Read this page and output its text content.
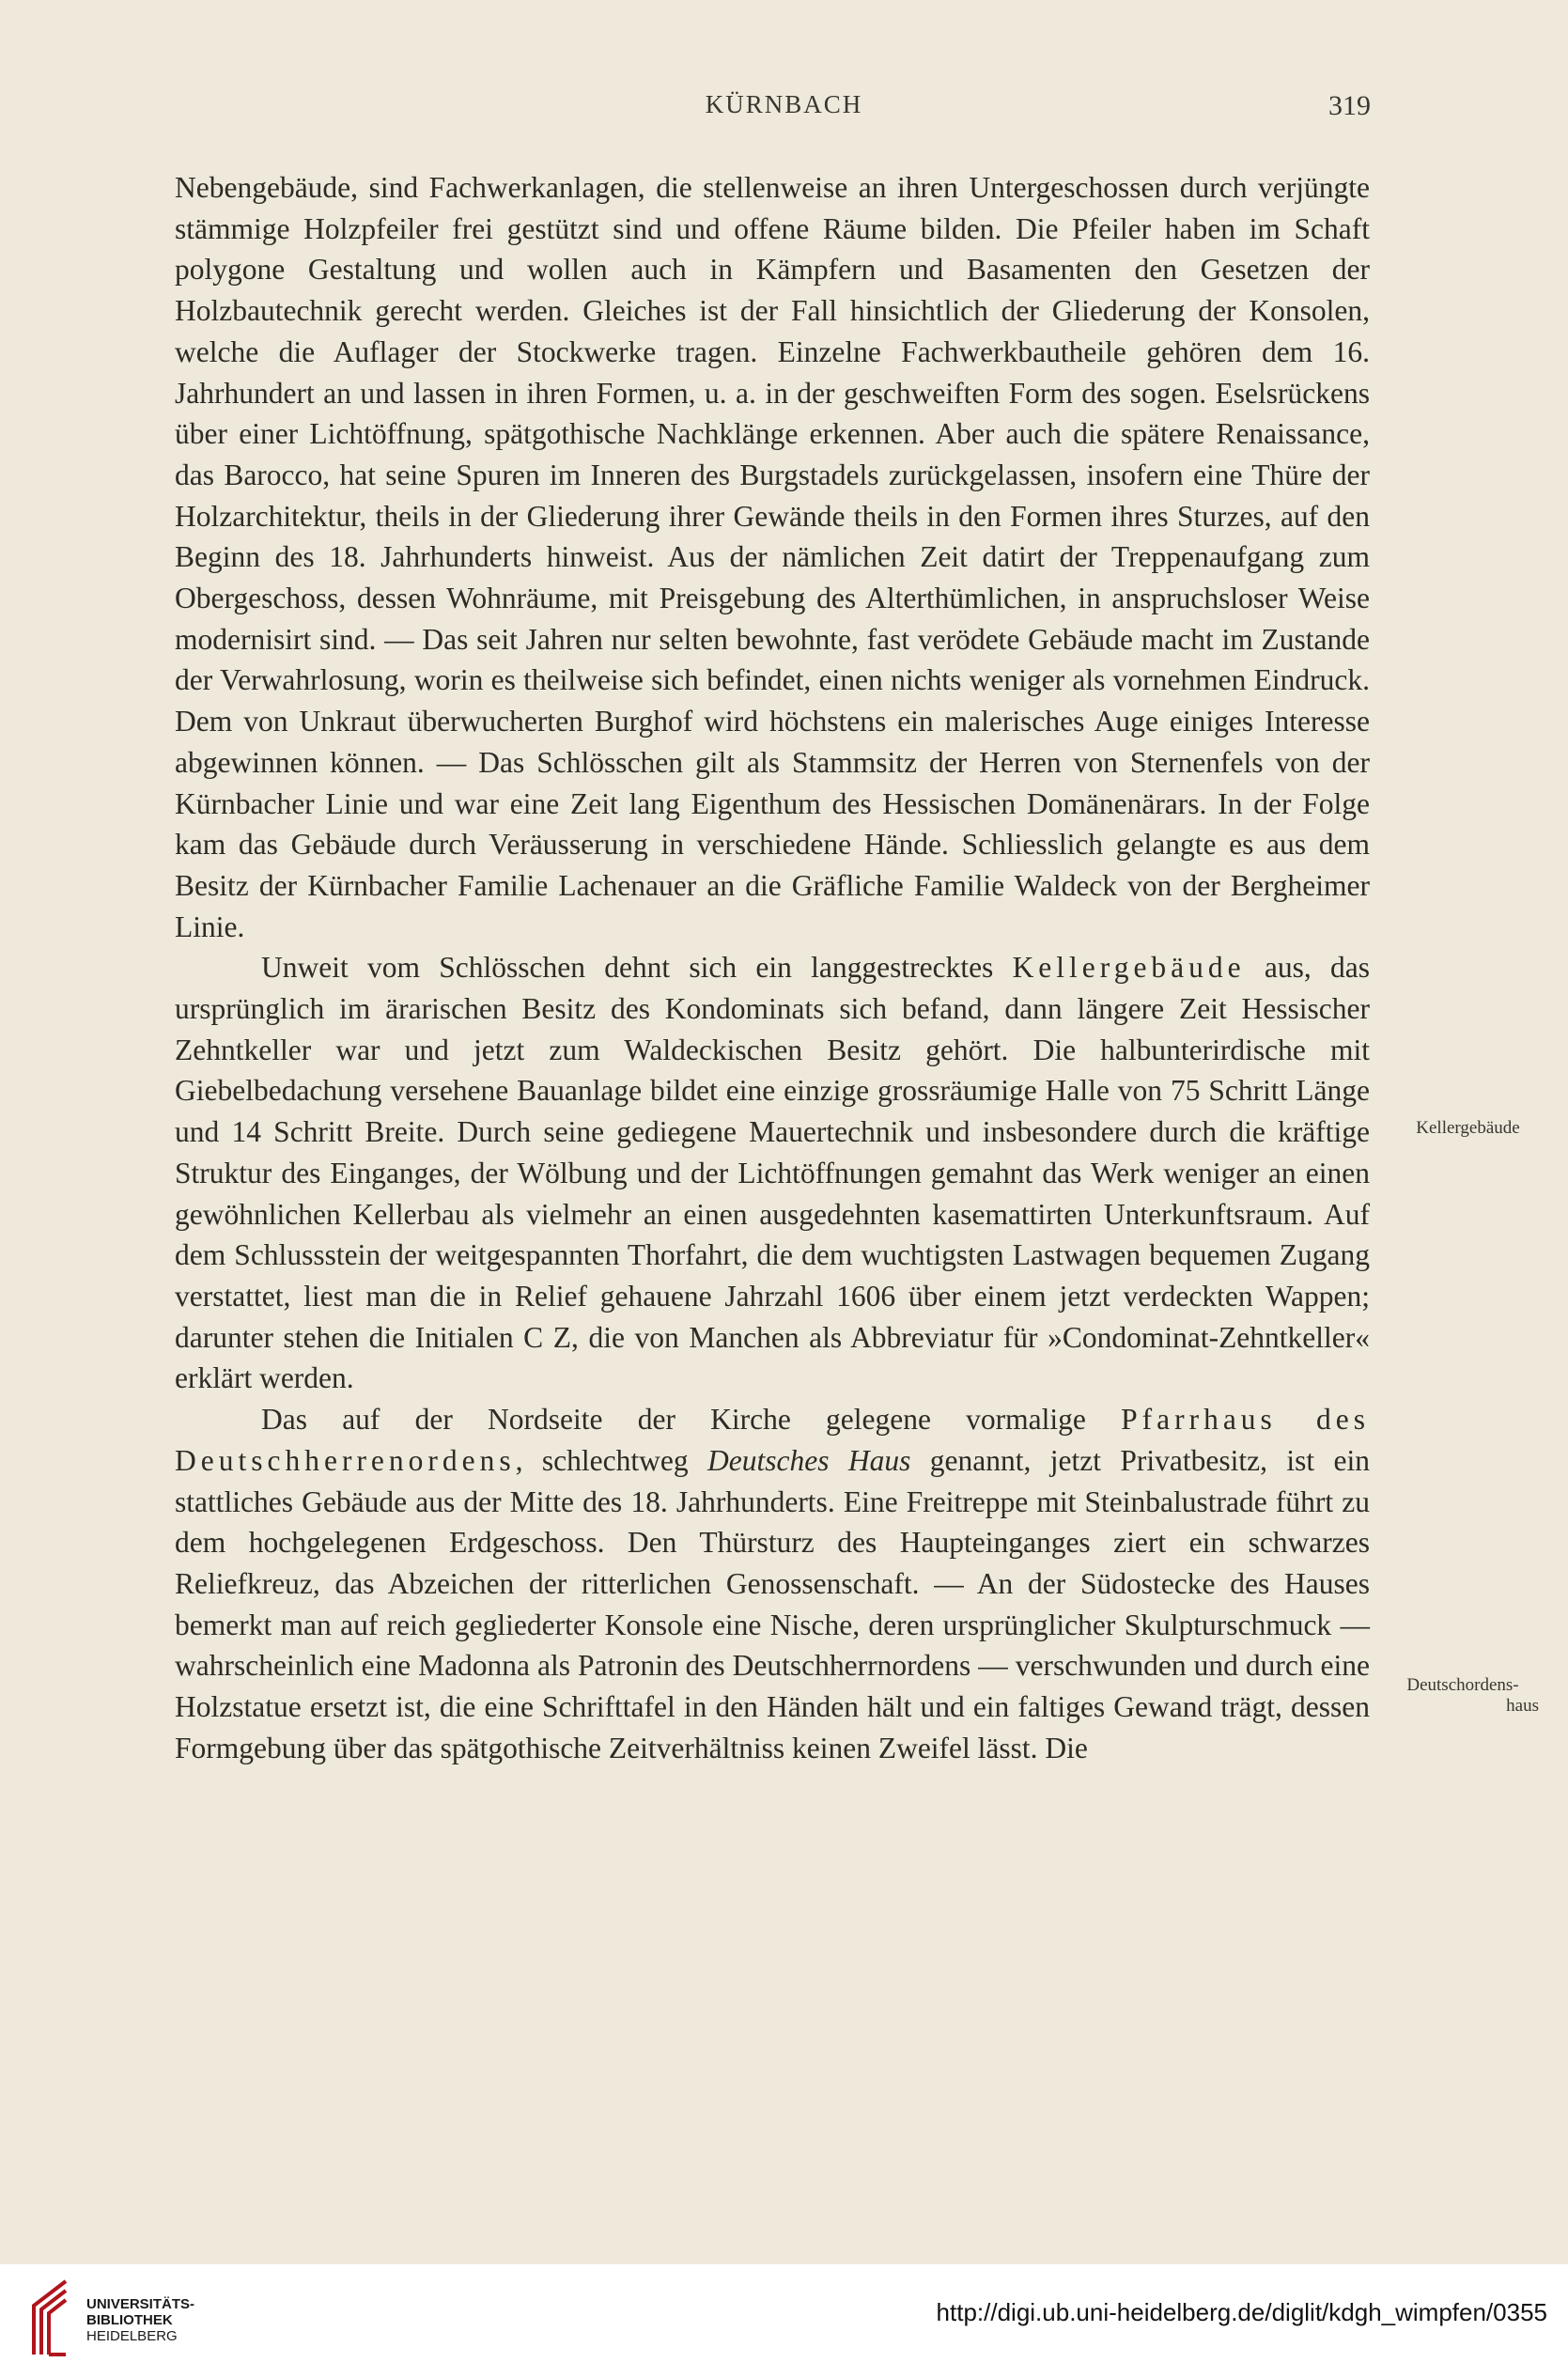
KÜRNBACH	319

Nebengebäude, sind Fachwerkanlagen, die stellenweise an ihren Untergeschossen durch verjüngte stämmige Holzpfeiler frei gestützt sind und offene Räume bilden. Die Pfeiler haben im Schaft polygone Gestaltung und wollen auch in Kämpfern und Basamenten den Gesetzen der Holzbautechnik gerecht werden. Gleiches ist der Fall hinsichtlich der Gliederung der Konsolen, welche die Auflager der Stockwerke tragen. Einzelne Fachwerkbautheile gehören dem 16. Jahrhundert an und lassen in ihren Formen, u. a. in der geschweiften Form des sogen. Eselsrückens über einer Lichtöffnung, spätgothische Nachklänge erkennen. Aber auch die spätere Renaissance, das Barocco, hat seine Spuren im Inneren des Burgstadels zurückgelassen, insofern eine Thüre der Holzarchitektur, theils in der Gliederung ihrer Gewände theils in den Formen ihres Sturzes, auf den Beginn des 18. Jahrhunderts hinweist. Aus der nämlichen Zeit datirt der Treppenaufgang zum Obergeschoss, dessen Wohnräume, mit Preisgebung des Alterthümlichen, in anspruchsloser Weise modernisirt sind. — Das seit Jahren nur selten bewohnte, fast verödete Gebäude macht im Zustande der Verwahrlosung, worin es theilweise sich befindet, einen nichts weniger als vornehmen Eindruck. Dem von Unkraut überwucherten Burghof wird höchstens ein malerisches Auge einiges Interesse abgewinnen können. — Das Schlösschen gilt als Stammsitz der Herren von Sternenfels von der Kürnbacher Linie und war eine Zeit lang Eigenthum des Hessischen Domänenärars. In der Folge kam das Gebäude durch Veräusserung in verschiedene Hände. Schliesslich gelangte es aus dem Besitz der Kürnbacher Familie Lachenauer an die Gräfliche Familie Waldeck von der Bergheimer Linie.

Unweit vom Schlösschen dehnt sich ein langgestrecktes Kellergebäude aus, das ursprünglich im ärarischen Besitz des Kondominats sich befand, dann längere Zeit Hessischer Zehntkeller war und jetzt zum Waldeckischen Besitz gehört. Die halbunterirdische mit Giebelbedachung versehene Bauanlage bildet eine einzige grossräumige Halle von 75 Schritt Länge und 14 Schritt Breite. Durch seine gediegene Mauertechnik und insbesondere durch die kräftige Struktur des Einganges, der Wölbung und der Lichtöffnungen gemahnt das Werk weniger an einen gewöhnlichen Kellerbau als vielmehr an einen ausgedehnten kasemattirten Unterkunftsraum. Auf dem Schlussstein der weitgespannten Thorfahrt, die dem wuchtigsten Lastwagen bequemen Zugang verstattet, liest man die in Relief gehauene Jahrzahl 1606 über einem jetzt verdeckten Wappen; darunter stehen die Initialen C Z, die von Manchen als Abbreviatur für »Condominat-Zehntkeller« erklärt werden.

Das auf der Nordseite der Kirche gelegene vormalige Pfarrhaus des Deutschherrenordens, schlechtweg Deutsches Haus genannt, jetzt Privatbesitz, ist ein stattliches Gebäude aus der Mitte des 18. Jahrhunderts. Eine Freitreppe mit Steinbalustrade führt zu dem hochgelegenen Erdgeschoss. Den Thürsturz des Haupteinganges ziert ein schwarzes Reliefkreuz, das Abzeichen der ritterlichen Genossenschaft. — An der Südostecke des Hauses bemerkt man auf reich gegliederter Konsole eine Nische, deren ursprünglicher Skulpturschmuck — wahrscheinlich eine Madonna als Patronin des Deutschherrnordens — verschwunden und durch eine Holzstatue ersetzt ist, die eine Schrifttafel in den Händen hält und ein faltiges Gewand trägt, dessen Formgebung über das spätgothische Zeitverhältniss keinen Zweifel lässt. Die

Kellergebäude
Deutschordens-
haus
UNIVERSITÄTS-
BIBLIOTHEK
HEIDELBERG
http://digi.ub.uni-heidelberg.de/diglit/kdgh_wimpfen/0355
